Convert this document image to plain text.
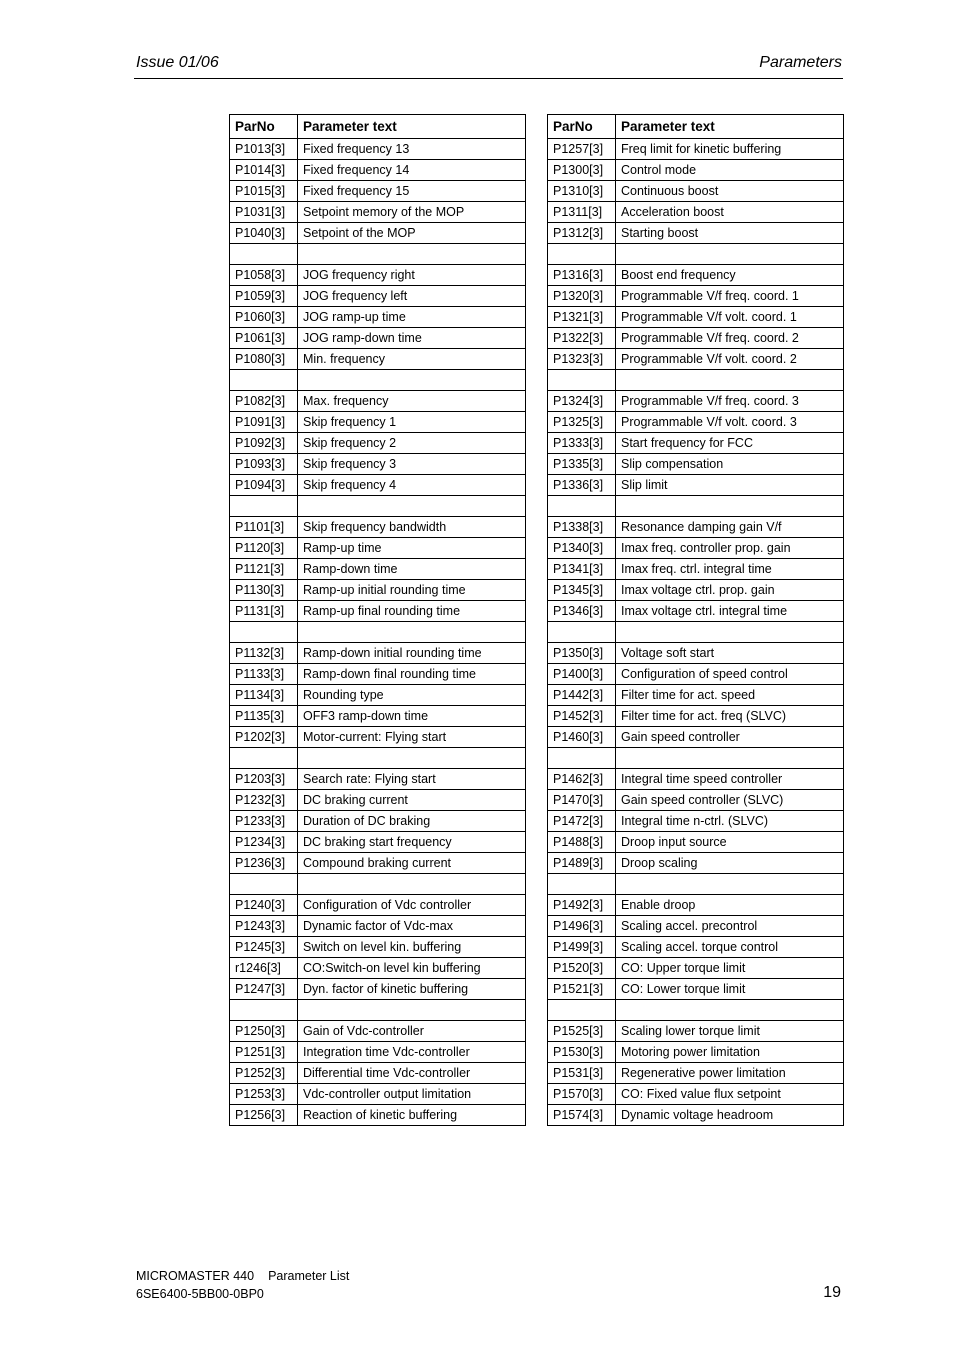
Issue 01/06	Parameters
ParNo	Parameter text
P1013[3]	Fixed frequency 13
P1014[3]	Fixed frequency 14
P1015[3]	Fixed frequency 15
P1031[3]	Setpoint memory of the MOP
P1040[3]	Setpoint of the MOP

P1058[3]	JOG frequency right
P1059[3]	JOG frequency left
P1060[3]	JOG ramp-up time
P1061[3]	JOG ramp-down time
P1080[3]	Min. frequency

P1082[3]	Max. frequency
P1091[3]	Skip frequency 1
P1092[3]	Skip frequency 2
P1093[3]	Skip frequency 3
P1094[3]	Skip frequency 4

P1101[3]	Skip frequency bandwidth
P1120[3]	Ramp-up time
P1121[3]	Ramp-down time
P1130[3]	Ramp-up initial rounding time
P1131[3]	Ramp-up final rounding time

P1132[3]	Ramp-down initial rounding time
P1133[3]	Ramp-down final rounding time
P1134[3]	Rounding type
P1135[3]	OFF3 ramp-down time
P1202[3]	Motor-current: Flying start

P1203[3]	Search rate: Flying start
P1232[3]	DC braking current
P1233[3]	Duration of DC braking
P1234[3]	DC braking start frequency
P1236[3]	Compound braking current

P1240[3]	Configuration of Vdc controller
P1243[3]	Dynamic factor of Vdc-max
P1245[3]	Switch on level kin. buffering
r1246[3]	CO:Switch-on level kin buffering
P1247[3]	Dyn. factor of kinetic buffering

P1250[3]	Gain of Vdc-controller
P1251[3]	Integration time Vdc-controller
P1252[3]	Differential time Vdc-controller
P1253[3]	Vdc-controller output limitation
P1256[3]	Reaction of kinetic buffering
ParNo	Parameter text
P1257[3]	Freq limit for kinetic buffering
P1300[3]	Control mode
P1310[3]	Continuous boost
P1311[3]	Acceleration boost
P1312[3]	Starting boost

P1316[3]	Boost end frequency
P1320[3]	Programmable V/f freq. coord. 1
P1321[3]	Programmable V/f volt. coord. 1
P1322[3]	Programmable V/f freq. coord. 2
P1323[3]	Programmable V/f volt. coord. 2

P1324[3]	Programmable V/f freq. coord. 3
P1325[3]	Programmable V/f volt. coord. 3
P1333[3]	Start frequency for FCC
P1335[3]	Slip compensation
P1336[3]	Slip limit

P1338[3]	Resonance damping gain V/f
P1340[3]	Imax freq. controller prop. gain
P1341[3]	Imax freq. ctrl. integral time
P1345[3]	Imax voltage ctrl. prop. gain
P1346[3]	Imax voltage ctrl. integral time

P1350[3]	Voltage soft start
P1400[3]	Configuration of speed control
P1442[3]	Filter time for act. speed
P1452[3]	Filter time for act. freq (SLVC)
P1460[3]	Gain speed controller

P1462[3]	Integral time speed controller
P1470[3]	Gain speed controller (SLVC)
P1472[3]	Integral time n-ctrl. (SLVC)
P1488[3]	Droop input source
P1489[3]	Droop scaling

P1492[3]	Enable droop
P1496[3]	Scaling accel. precontrol
P1499[3]	Scaling accel. torque control
P1520[3]	CO: Upper torque limit
P1521[3]	CO: Lower torque limit

P1525[3]	Scaling lower torque limit
P1530[3]	Motoring power limitation
P1531[3]	Regenerative power limitation
P1570[3]	CO: Fixed value flux setpoint
P1574[3]	Dynamic voltage headroom
MICROMASTER 440 Parameter List
6SE6400-5BB00-0BP0	19
